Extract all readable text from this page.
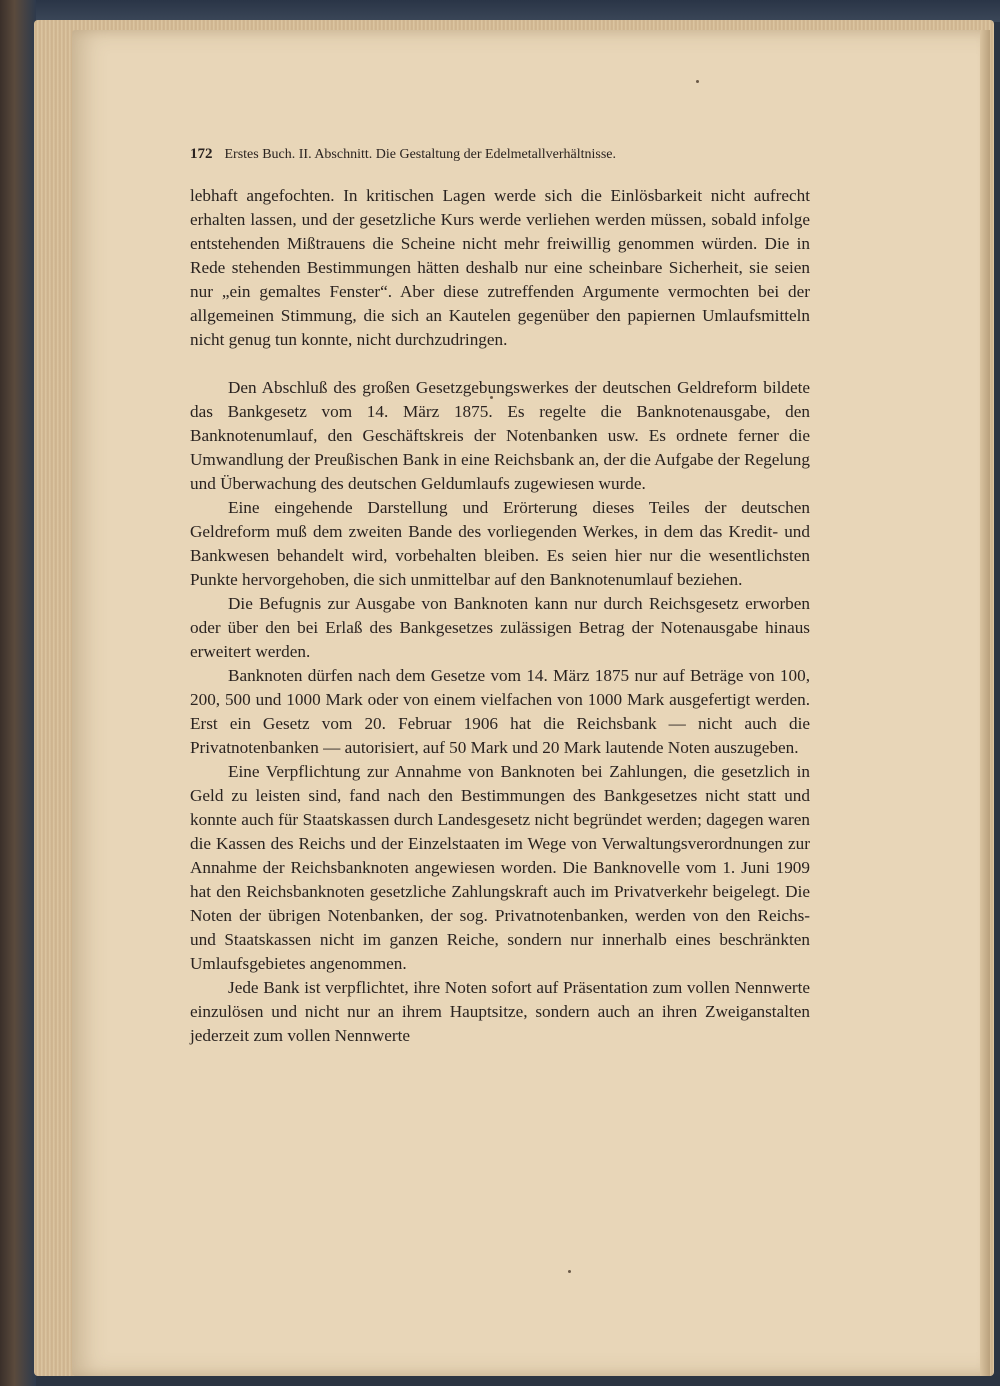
172 Erstes Buch. II. Abschnitt. Die Gestaltung der Edelmetallverhältnisse.

lebhaft angefochten. In kritischen Lagen werde sich die Einlösbarkeit nicht aufrecht erhalten lassen, und der gesetzliche Kurs werde verliehen werden müssen, sobald infolge entstehenden Mißtrauens die Scheine nicht mehr freiwillig genommen würden. Die in Rede stehenden Bestimmungen hätten deshalb nur eine scheinbare Sicherheit, sie seien nur „ein gemaltes Fenster“. Aber diese zutreffenden Argumente vermochten bei der allgemeinen Stimmung, die sich an Kautelen gegenüber den papiernen Umlaufsmitteln nicht genug tun konnte, nicht durchzudringen.

Den Abschluß des großen Gesetzgebungswerkes der deutschen Geldreform bildete das Bankgesetz vom 14. März 1875. Es regelte die Banknotenausgabe, den Banknotenumlauf, den Geschäftskreis der Notenbanken usw. Es ordnete ferner die Umwandlung der Preußischen Bank in eine Reichsbank an, der die Aufgabe der Regelung und Überwachung des deutschen Geldumlaufs zugewiesen wurde.

Eine eingehende Darstellung und Erörterung dieses Teiles der deutschen Geldreform muß dem zweiten Bande des vorliegenden Werkes, in dem das Kredit- und Bankwesen behandelt wird, vorbehalten bleiben. Es seien hier nur die wesentlichsten Punkte hervorgehoben, die sich unmittelbar auf den Banknotenumlauf beziehen.

Die Befugnis zur Ausgabe von Banknoten kann nur durch Reichsgesetz erworben oder über den bei Erlaß des Bankgesetzes zulässigen Betrag der Notenausgabe hinaus erweitert werden.

Banknoten dürfen nach dem Gesetze vom 14. März 1875 nur auf Beträge von 100, 200, 500 und 1000 Mark oder von einem vielfachen von 1000 Mark ausgefertigt werden. Erst ein Gesetz vom 20. Februar 1906 hat die Reichsbank — nicht auch die Privatnotenbanken — autorisiert, auf 50 Mark und 20 Mark lautende Noten auszugeben.

Eine Verpflichtung zur Annahme von Banknoten bei Zahlungen, die gesetzlich in Geld zu leisten sind, fand nach den Bestimmungen des Bankgesetzes nicht statt und konnte auch für Staatskassen durch Landesgesetz nicht begründet werden; dagegen waren die Kassen des Reichs und der Einzelstaaten im Wege von Verwaltungsverordnungen zur Annahme der Reichsbanknoten angewiesen worden. Die Banknovelle vom 1. Juni 1909 hat den Reichsbanknoten gesetzliche Zahlungskraft auch im Privatverkehr beigelegt. Die Noten der übrigen Notenbanken, der sog. Privatnotenbanken, werden von den Reichs- und Staatskassen nicht im ganzen Reiche, sondern nur innerhalb eines beschränkten Umlaufsgebietes angenommen.

Jede Bank ist verpflichtet, ihre Noten sofort auf Präsentation zum vollen Nennwerte einzulösen und nicht nur an ihrem Hauptsitze, sondern auch an ihren Zweiganstalten jederzeit zum vollen Nennwerte
